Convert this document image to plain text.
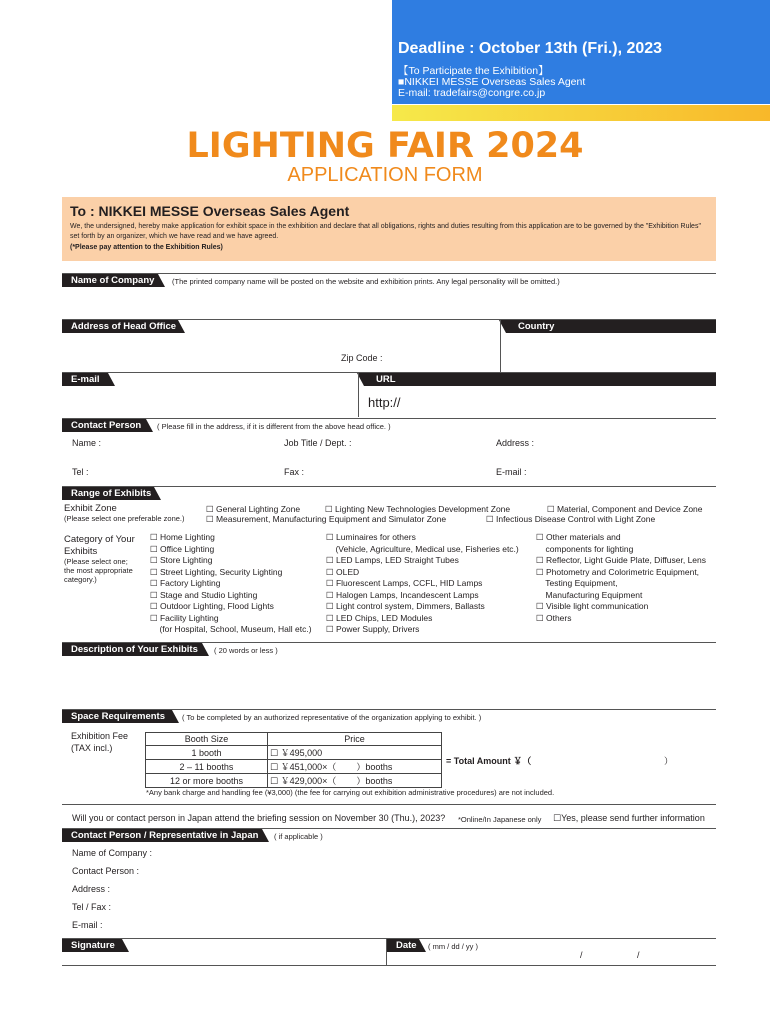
Deadline : October 13th (Fri.), 2023
【To Participate the Exhibition】
■NIKKEI MESSE Overseas Sales Agent
E-mail: tradefairs@congre.co.jp
LIGHTING FAIR 2024
APPLICATION FORM
To : NIKKEI MESSE Overseas Sales Agent
We, the undersigned, hereby make application for exhibit space in the exhibition and declare that all obligations, rights and duties resulting from this application are to be governed by the "Exhibition Rules" set forth by an organizer, which we have read and we have agreed.
(*Please pay attention to the Exhibition Rules)
Name of Company	(The printed company name will be posted on the website and exhibition prints. Any legal personality will be omitted.)
Address of Head Office	Country
Zip Code :
E-mail	URL
http://
Contact Person	( Please fill in the address, if it is different from the above head office. )
Name :	Job Title / Dept. :	Address :
Tel :	Fax :	E-mail :
Range of Exhibits
Exhibit Zone
(Please select one preferable zone.)
☐ General Lighting Zone	☐ Lighting New Technologies Development Zone	☐ Material, Component and Device Zone
☐ Measurement, Manufacturing Equipment and Simulator Zone	☐ Infectious Disease Control with Light Zone
Category of Your
Exhibits
(Please select one;
the most appropriate
category.)
☐ Home Lighting
☐ Office Lighting
☐ Store Lighting
☐ Street Lighting, Security Lighting
☐ Factory Lighting
☐ Stage and Studio Lighting
☐ Outdoor Lighting, Flood Lights
☐ Facility Lighting
(for Hospital, School, Museum, Hall etc.)
☐ Luminaires for others
(Vehicle, Agriculture, Medical use, Fisheries etc.)
☐ LED Lamps, LED Straight Tubes
☐ OLED
☐ Fluorescent Lamps, CCFL, HID Lamps
☐ Halogen Lamps, Incandescent Lamps
☐ Light control system, Dimmers, Ballasts
☐ LED Chips, LED Modules
☐ Power Supply, Drivers
☐ Other materials and
components for lighting
☐ Reflector, Light Guide Plate, Diffuser, Lens
☐ Photometry and Colorimetric Equipment,
Testing Equipment,
Manufacturing Equipment
☐ Visible light communication
☐ Others
Description of Your Exhibits	( 20 words or less )
Space Requirements	( To be completed by an authorized representative of the organization applying to exhibit. )
Exhibition Fee
(TAX incl.)
Booth Size	Price
1 booth	☐ ￥495,000
2 – 11 booths	☐ ￥451,000×（ ）booths
12 or more booths	☐ ￥429,000×（ ）booths
= Total Amount ￥（	）
*Any bank charge and handling fee (¥3,000) (the fee for carrying out exhibition administrative procedures) are not included.
Will you or contact person in Japan attend the briefing session on November 30 (Thu.), 2023? *Online/In Japanese only ☐Yes, please send further information
Contact Person / Representative in Japan	( if applicable )
Name of Company :
Contact Person :
Address :
Tel / Fax :
E-mail :
Signature	Date	( mm / dd / yy )
/	/
